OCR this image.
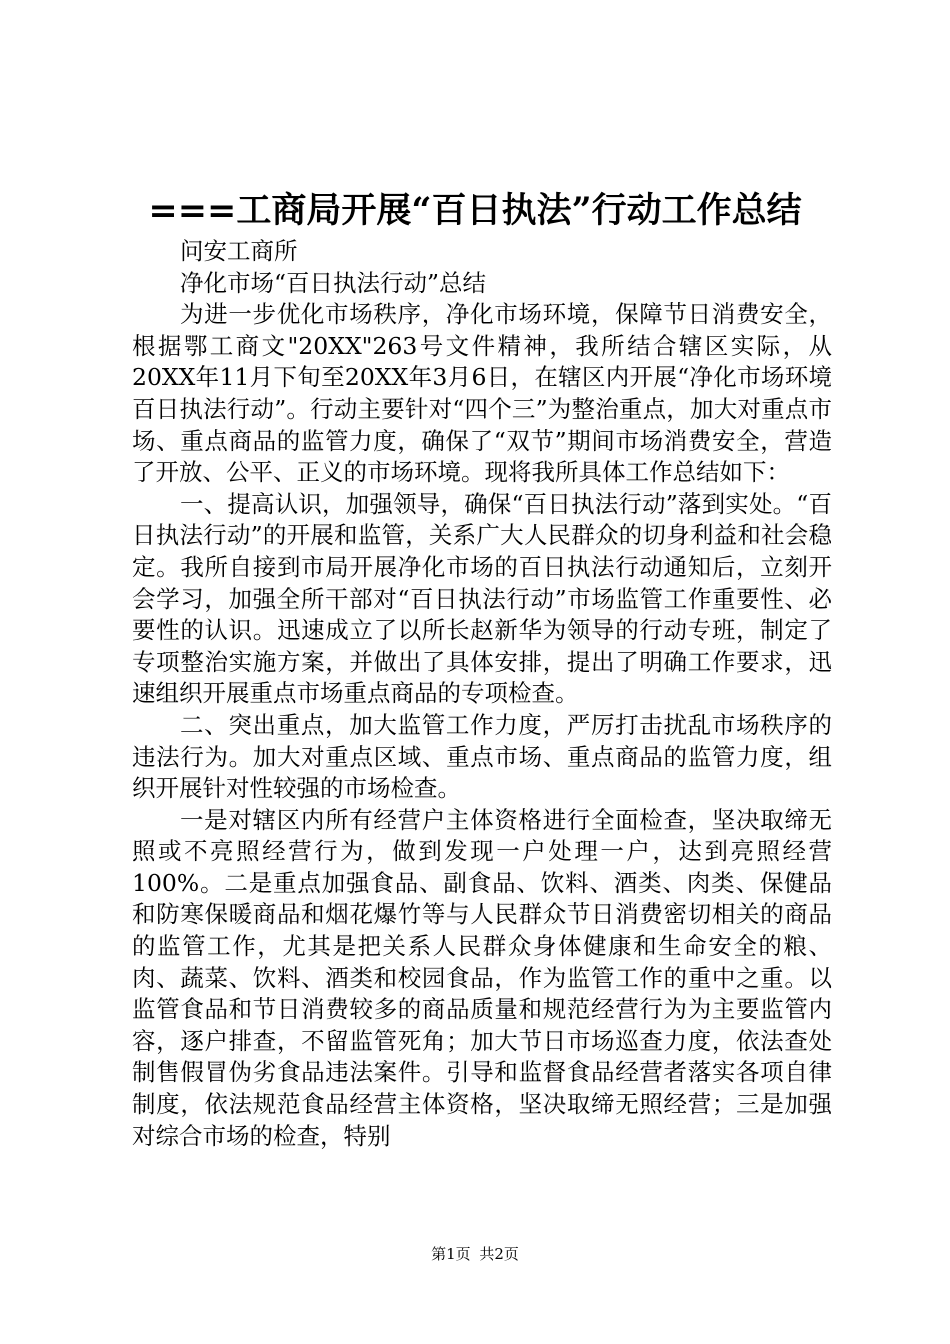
===工商局开展“百日执法”行动工作总结

问安工商所

净化市场“百日执法行动”总结

为进一步优化市场秩序，净化市场环境，保障节日消费安全，根据鄂工商文"20XX"263号文件精神，我所结合辖区实际，从20XX年11月下旬至20XX年3月6日，在辖区内开展“净化市场环境百日执法行动”。行动主要针对“四个三”为整治重点，加大对重点市场、重点商品的监管力度，确保了“双节”期间市场消费安全，营造了开放、公平、正义的市场环境。现将我所具体工作总结如下：

一、提高认识，加强领导，确保“百日执法行动”落到实处。“百日执法行动”的开展和监管，关系广大人民群众的切身利益和社会稳定。我所自接到市局开展净化市场的百日执法行动通知后，立刻开会学习，加强全所干部对“百日执法行动”市场监管工作重要性、必要性的认识。迅速成立了以所长赵新华为领导的行动专班，制定了专项整治实施方案，并做出了具体安排，提出了明确工作要求，迅速组织开展重点市场重点商品的专项检查。

二、突出重点，加大监管工作力度，严厉打击扰乱市场秩序的违法行为。加大对重点区域、重点市场、重点商品的监管力度，组织开展针对性较强的市场检查。

一是对辖区内所有经营户主体资格进行全面检查，坚决取缔无照或不亮照经营行为，做到发现一户处理一户，达到亮照经营100%。二是重点加强食品、副食品、饮料、酒类、肉类、保健品和防寒保暖商品和烟花爆竹等与人民群众节日消费密切相关的商品的监管工作，尤其是把关系人民群众身体健康和生命安全的粮、肉、蔬菜、饮料、酒类和校园食品，作为监管工作的重中之重。以监管食品和节日消费较多的商品质量和规范经营行为为主要监管内容，逐户排查，不留监管死角；加大节日市场巡查力度，依法查处制售假冒伪劣食品违法案件。引导和监督食品经营者落实各项自律制度，依法规范食品经营主体资格，坚决取缔无照经营；三是加强对综合市场的检查，特别

第1页 共2页
